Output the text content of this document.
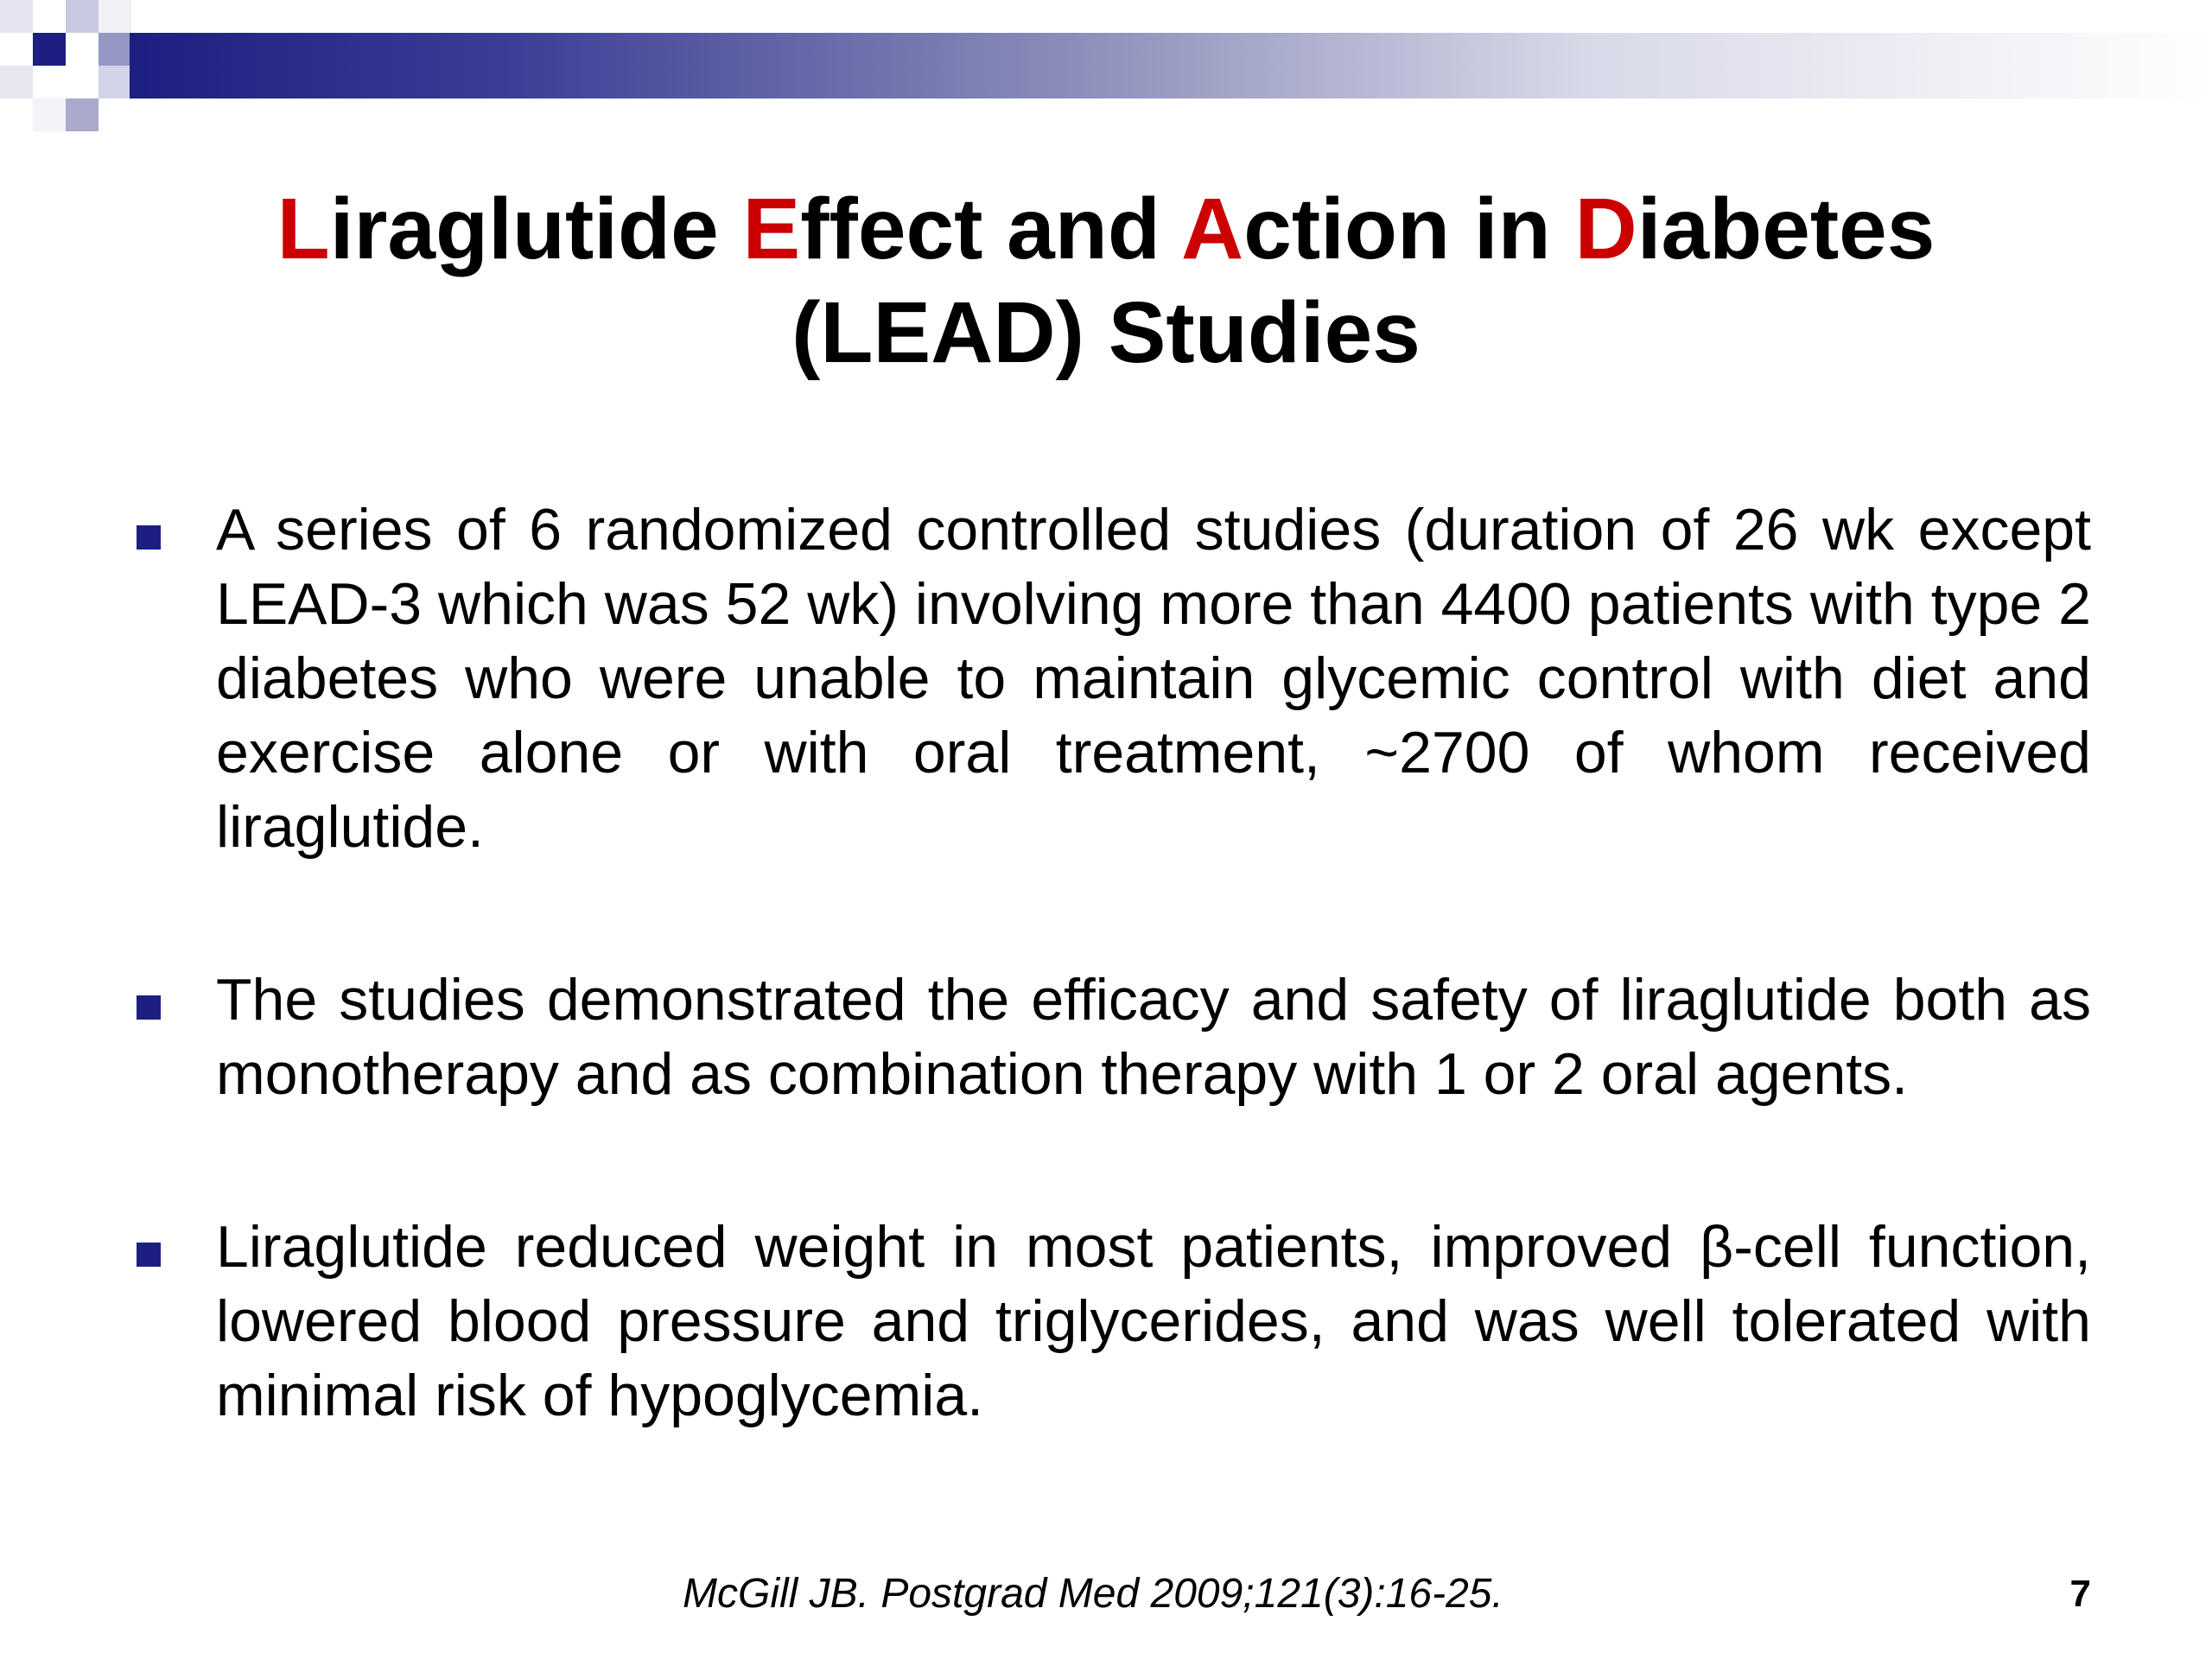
Liraglutide Effect and Action in Diabetes
(LEAD) Studies
A series of 6 randomized controlled studies (duration of 26 wk except LEAD-3 which was 52 wk) involving more than 4400 patients with type 2 diabetes who were unable to maintain glycemic control with diet and exercise alone or with oral treatment, ~2700 of whom received liraglutide.
The studies demonstrated the efficacy and safety of liraglutide both as monotherapy and as combination therapy with 1 or 2 oral agents.
Liraglutide reduced weight in most patients, improved β-cell function, lowered blood pressure and triglycerides, and was well tolerated with minimal risk of hypoglycemia.
McGill JB. Postgrad Med 2009;121(3):16-25.	7
